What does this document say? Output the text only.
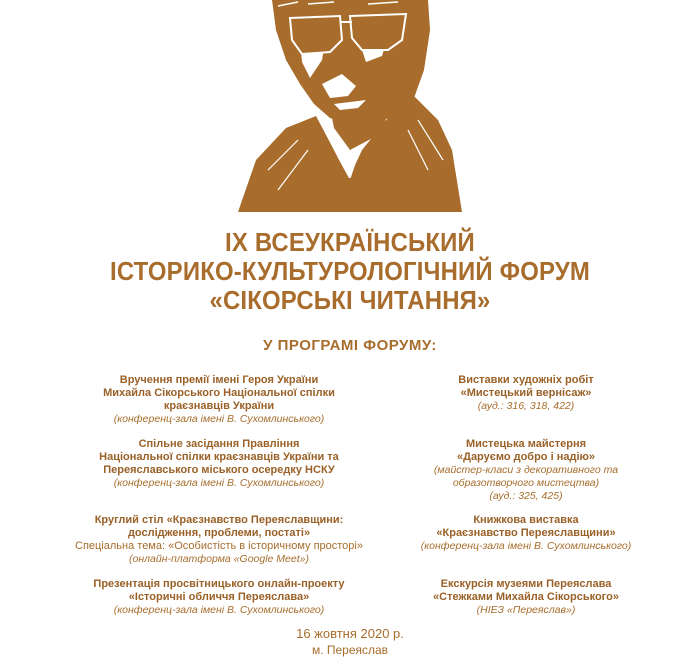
IX ВСЕУКРАЇНСЬКИЙ
ІСТОРИКО-КУЛЬТУРОЛОГІЧНИЙ ФОРУМ
«СІКОРСЬКІ ЧИТАННЯ»
У ПРОГРАМІ ФОРУМУ:
Вручення премії імені Героя України
Михайла Сікорського Національної спілки
краєзнавців України
(конференц-зала імені В. Сухомлинського)
Спільне засідання Правління
Національної спілки краєзнавців України та
Переяславського міського осередку НСКУ
(конференц-зала імені В. Сухомлинського)
Круглий стіл «Краєзнавство Переяславщини:
дослідження, проблеми, постаті»
Спеціальна тема: «Особистість в історичному просторі»
(онлайн-платформа «Google Meet»)
Презентація просвітницького онлайн-проекту
«Історичні обличчя Переяслава»
(конференц-зала імені В. Сухомлинського)
Виставки художніх робіт
«Мистецький вернісаж»
(ауд.: 316, 318, 422)
Мистецька майстерня
«Даруємо добро і надію»
(майстер-класи з декоративного та
образотворчого мистецтва)
(ауд.: 325, 425)
Книжкова виставка
«Краєзнавство Переяславщини»
(конференц-зала імені В. Сухомлинського)
Екскурсія музеями Переяслава
«Стежками Михайла Сікорського»
(НІЕЗ «Переяслав»)
16 жовтня 2020 р.
м. Переяслав
